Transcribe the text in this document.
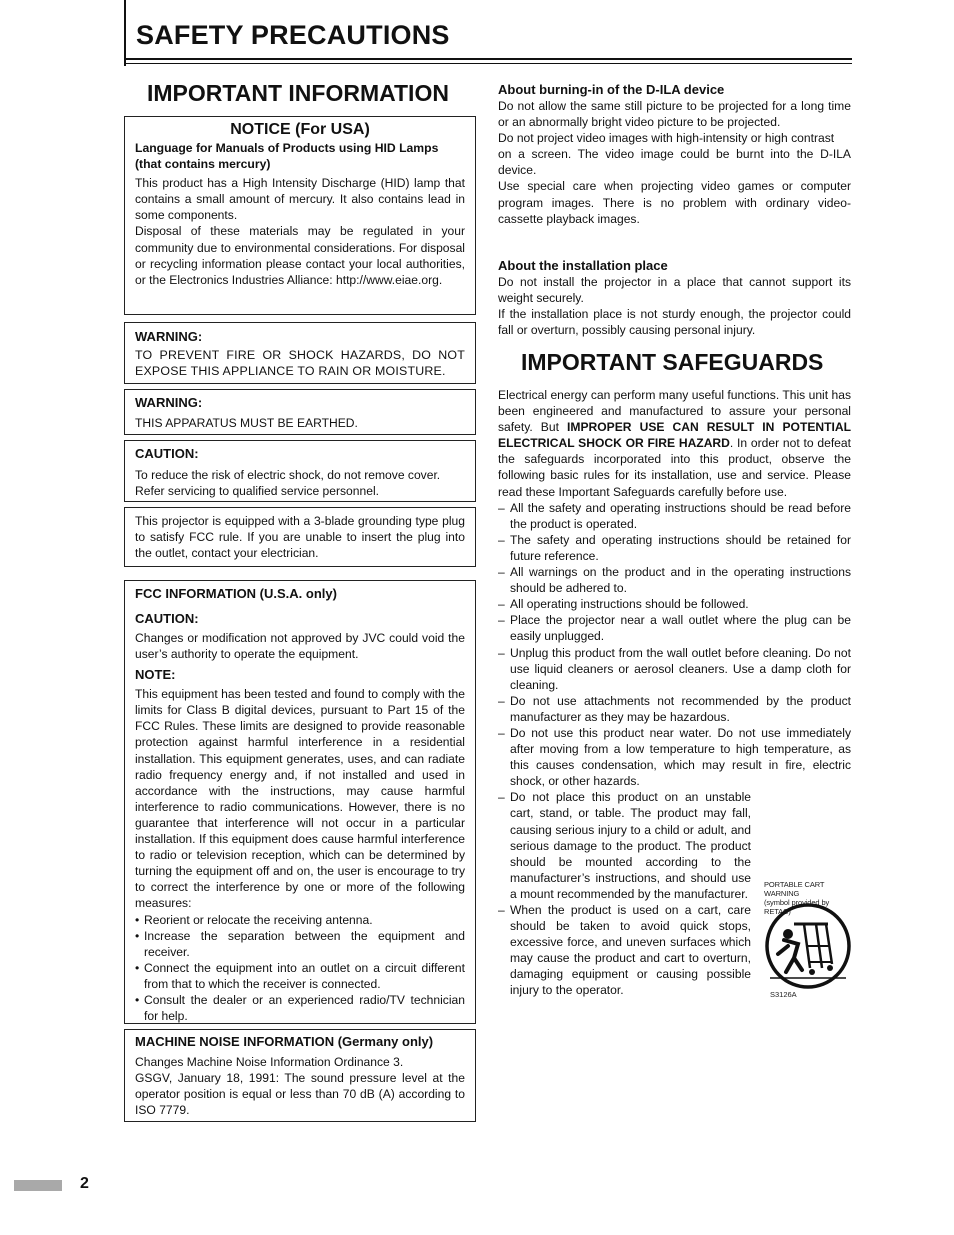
SAFETY PRECAUTIONS
IMPORTANT INFORMATION

NOTICE (For USA)

Language for Manuals of Products using HID Lamps (that contains mercury)

This product has a High Intensity Discharge (HID) lamp that contains a small amount of mercury. It also contains lead in some components.

Disposal of these materials may be regulated in your community due to environmental considerations. For disposal or recycling information please contact your local authorities, or the Electronics Industries Alliance: http://www.eiae.org.

WARNING:

TO PREVENT FIRE OR SHOCK HAZARDS, DO NOT EXPOSE THIS APPLIANCE TO RAIN OR MOISTURE.

WARNING:

THIS APPARATUS MUST BE EARTHED.

CAUTION:

To reduce the risk of electric shock, do not remove cover. Refer servicing to qualified service personnel.

This projector is equipped with a 3-blade grounding type plug to satisfy FCC rule. If you are unable to insert the plug into the outlet, contact your electrician.

FCC INFORMATION (U.S.A. only)

CAUTION:

Changes or modification not approved by JVC could void the user’s authority to operate the equipment.

NOTE:

This equipment has been tested and found to comply with the limits for Class B digital devices, pursuant to Part 15 of the FCC Rules. These limits are designed to provide reasonable protection against harmful interference in a residential installation. This equipment generates, uses, and can radiate radio frequency energy and, if not installed and used in accordance with the instructions, may cause harmful interference to radio communications. However, there is no guarantee that interference will not occur in a particular installation. If this equipment does cause harmful interference to radio or television reception, which can be determined by turning the equipment off and on, the user is encourage to try to correct the interference by one or more of the following measures:

• Reorient or relocate the receiving antenna.
• Increase the separation between the equipment and receiver.
• Connect the equipment into an outlet on a circuit different from that to which the receiver is connected.
• Consult the dealer or an experienced radio/TV technician for help.

MACHINE NOISE INFORMATION (Germany only)

Changes Machine Noise Information Ordinance 3.

GSGV, January 18, 1991: The sound pressure level at the operator position is equal or less than 70 dB (A) according to ISO 7779.

About burning-in of the D-ILA device

Do not allow the same still picture to be projected for a long time or an abnormally bright video picture to be projected.

Do not project video images with high-intensity or high contrast

on a screen. The video image could be burnt into the D-ILA device.

Use special care when projecting video games or computer program images. There is no problem with ordinary video-cassette playback images.

About the installation place

Do not install the projector in a place that cannot support its weight securely.

If the installation place is not sturdy enough, the projector could fall or overturn, possibly causing personal injury.

IMPORTANT SAFEGUARDS

Electrical energy can perform many useful functions. This unit has been engineered and manufactured to assure your personal safety. But IMPROPER USE CAN RESULT IN POTENTIAL ELECTRICAL SHOCK OR FIRE HAZARD. In order not to defeat the safeguards incorporated into this product, observe the following basic rules for its installation, use and service. Please read these Important Safeguards carefully before use.

– All the safety and operating instructions should be read before the product is operated.
– The safety and operating instructions should be retained for future reference.
– All warnings on the product and in the operating instructions should be adhered to.
– All operating instructions should be followed.
– Place the projector near a wall outlet where the plug can be easily unplugged.
– Unplug this product from the wall outlet before cleaning. Do not use liquid cleaners or aerosol cleaners. Use a damp cloth for cleaning.
– Do not use attachments not recommended by the product manufacturer as they may be hazardous.
– Do not use this product near water. Do not use immediately after moving from a low temperature to high temperature, as this causes condensation, which may result in fire, electric shock, or other hazards.
– Do not place this product on an unstable cart, stand, or table. The product may fall, causing serious injury to a child or adult, and serious damage to the product. The product should be mounted according to the manufacturer’s instructions, and should use a mount recommended by the manufacturer.
– When the product is used on a cart, care should be taken to avoid quick stops, excessive force, and uneven surfaces which may cause the product and cart to overturn, damaging equipment or causing possible injury to the operator.

PORTABLE CART WARNING

(symbol provided by RETAC)

S3126A

2
